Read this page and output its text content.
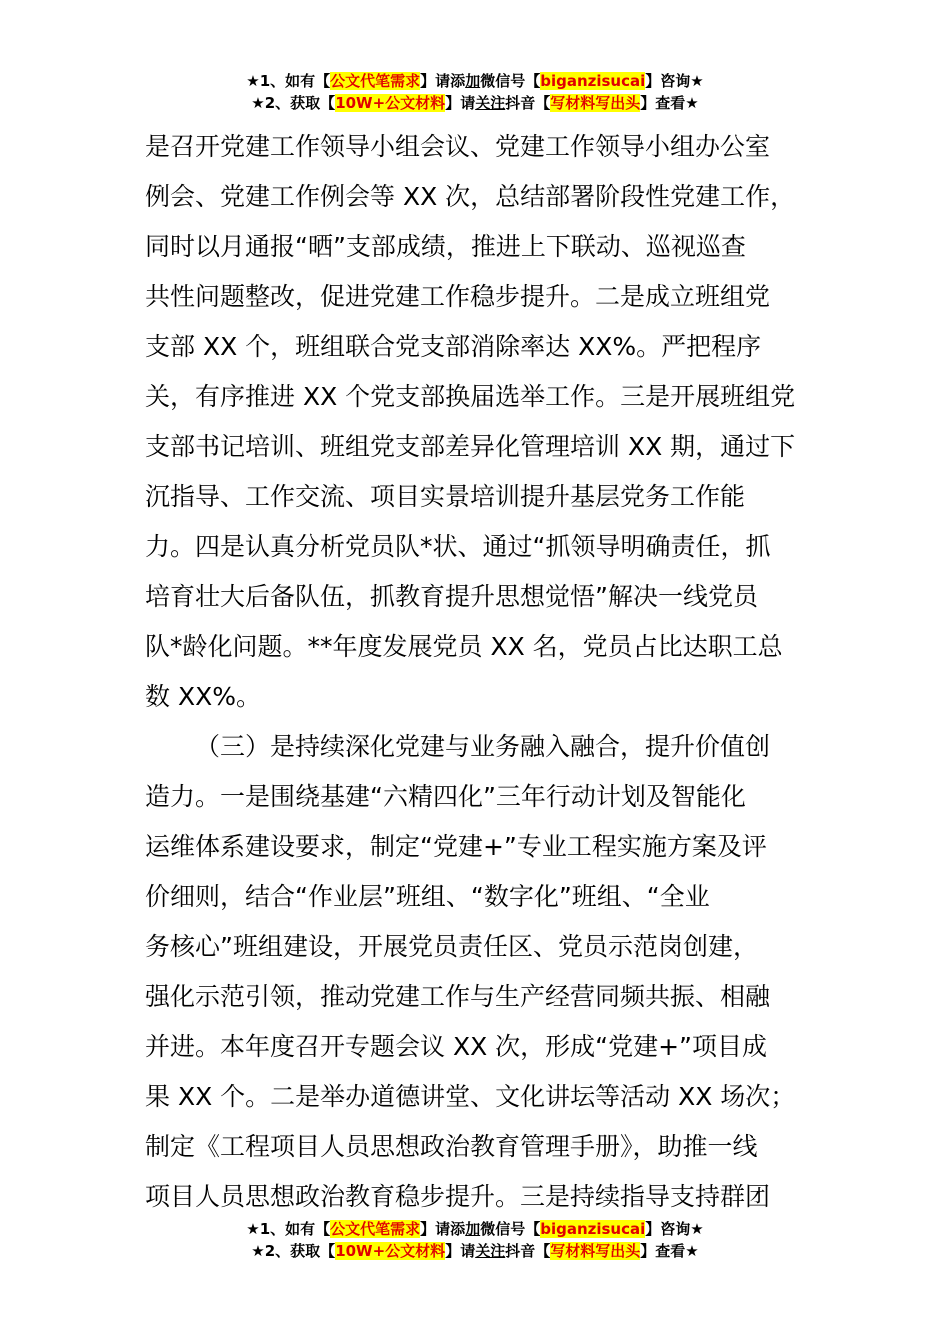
★1、如有【公文代笔需求】请添加微信号【biganzisucai】咨询★
★2、获取【10W+公文材料】请关注抖音【写材料写出头】查看★
是召开党建工作领导小组会议、党建工作领导小组办公室
例会、党建工作例会等 XX 次，总结部署阶段性党建工作，
同时以月通报“晒”支部成绩，推进上下联动、巡视巡查
共性问题整改，促进党建工作稳步提升。二是成立班组党
支部 XX 个，班组联合党支部消除率达 XX%。严把程序
关，有序推进 XX 个党支部换届选举工作。三是开展班组党
支部书记培训、班组党支部差异化管理培训 XX 期，通过下
沉指导、工作交流、项目实景培训提升基层党务工作能
力。四是认真分析党员队*状、通过“抓领导明确责任，抓
培育壮大后备队伍，抓教育提升思想觉悟”解决一线党员
队*龄化问题。**年度发展党员 XX 名，党员占比达职工总
数 XX%。
（三）是持续深化党建与业务融入融合，提升价值创
造力。一是围绕基建“六精四化”三年行动计划及智能化
运维体系建设要求，制定“党建+”专业工程实施方案及评
价细则，结合“作业层”班组、“数字化”班组、“全业
务核心”班组建设，开展党员责任区、党员示范岗创建，
强化示范引领，推动党建工作与生产经营同频共振、相融
并进。本年度召开专题会议 XX 次，形成“党建+”项目成
果 XX 个。二是举办道德讲堂、文化讲坛等活动 XX 场次；
制定《工程项目人员思想政治教育管理手册》，助推一线
项目人员思想政治教育稳步提升。三是持续指导支持群团
★1、如有【公文代笔需求】请添加微信号【biganzisucai】咨询★
★2、获取【10W+公文材料】请关注抖音【写材料写出头】查看★
